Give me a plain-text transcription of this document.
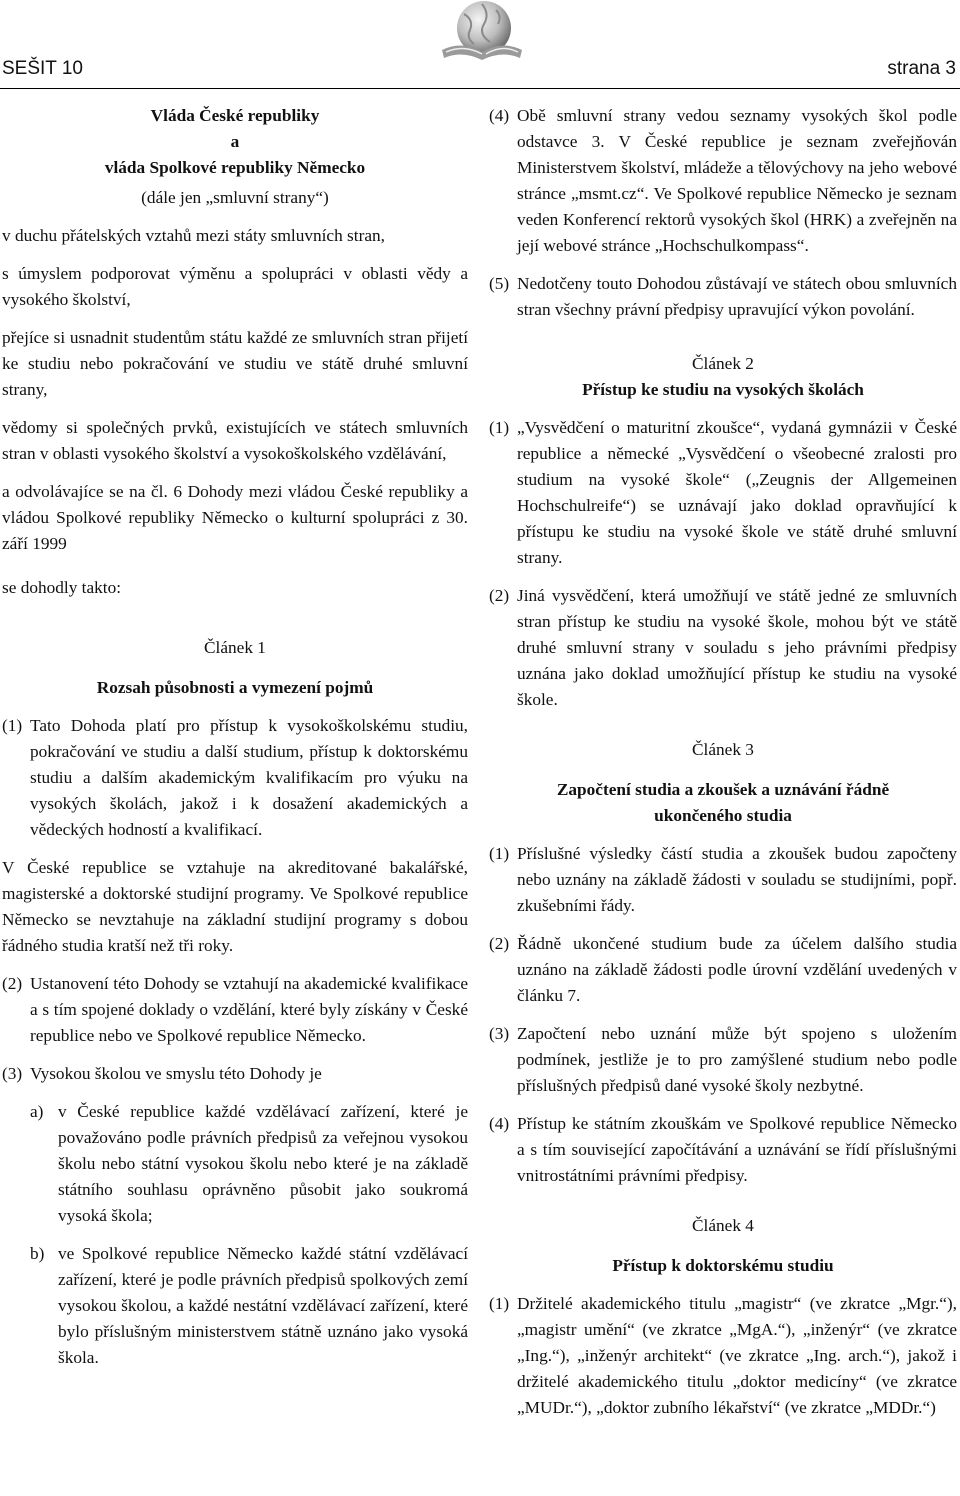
SEŠIT 10	strana 3

Vláda České republiky

a

vláda Spolkové republiky Německo

(dále jen „smluvní strany“)

v duchu přátelských vztahů mezi státy smluvních stran,

s úmyslem podporovat výměnu a spolupráci v oblasti vědy a vysokého školství,

přejíce si usnadnit studentům státu každé ze smluvních stran přijetí ke studiu nebo pokračování ve studiu ve státě druhé smluvní strany,

vědomy si společných prvků, existujících ve státech smluvních stran v oblasti vysokého školství a vysokoškolského vzdělávání,

a odvolávajíce se na čl. 6 Dohody mezi vládou České republiky a vládou Spolkové republiky Německo o kulturní spolupráci z 30. září 1999

se dohodly takto:

Článek 1
Rozsah působnosti a vymezení pojmů
(1) Tato Dohoda platí pro přístup k vysokoškolskému studiu, pokračování ve studiu a další studium, přístup k doktorskému studiu a dalším akademickým kvalifikacím pro výuku na vysokých školách, jakož i k dosažení akademických a vědeckých hodností a kvalifikací.

V České republice se vztahuje na akreditované bakalářské, magisterské a doktorské studijní programy. Ve Spolkové republice Německo se nevztahuje na základní studijní programy s dobou řádného studia kratší než tři roky.

(2) Ustanovení této Dohody se vztahují na akademické kvalifikace a s tím spojené doklady o vzdělání, které byly získány v České republice nebo ve Spolkové republice Německo.
(3) Vysokou školou ve smyslu této Dohody je
a) v České republice každé vzdělávací zařízení, které je považováno podle právních předpisů za veřejnou vysokou školu nebo státní vysokou školu nebo které je na základě státního souhlasu oprávněno působit jako soukromá vysoká škola;
b) ve Spolkové republice Německo každé státní vzdělávací zařízení, které je podle právních předpisů spolkových zemí vysokou školou, a každé nestátní vzdělávací zařízení, které bylo příslušným ministerstvem státně uznáno jako vysoká škola.
(4) Obě smluvní strany vedou seznamy vysokých škol podle odstavce 3. V České republice je seznam zveřejňován Ministerstvem školství, mládeže a tělovýchovy na jeho webové stránce „msmt.cz“. Ve Spolkové republice Německo je seznam veden Konferencí rektorů vysokých škol (HRK) a zveřejněn na její webové stránce „Hochschulkompass“.
(5) Nedotčeny touto Dohodou zůstávají ve státech obou smluvních stran všechny právní předpisy upravující výkon povolání.
Článek 2
Přístup ke studiu na vysokých školách
(1) „Vysvědčení o maturitní zkoušce“, vydaná gymnázii v České republice a německé „Vysvědčení o všeobecné zralosti pro studium na vysoké škole“ („Zeugnis der Allgemeinen Hochschulreife“) se uznávají jako doklad opravňující k přístupu ke studiu na vysoké škole ve státě druhé smluvní strany.
(2) Jiná vysvědčení, která umožňují ve státě jedné ze smluvních stran přístup ke studiu na vysoké škole, mohou být ve státě druhé smluvní strany v souladu s jeho právními předpisy uznána jako doklad umožňující přístup ke studiu na vysoké škole.
Článek 3
Započtení studia a zkoušek a uznávání řádně ukončeného studia
(1) Příslušné výsledky částí studia a zkoušek budou započteny nebo uznány na základě žádosti v souladu se studijními, popř. zkušebními řády.
(2) Řádně ukončené studium bude za účelem dalšího studia uznáno na základě žádosti podle úrovní vzdělání uvedených v článku 7.
(3) Započtení nebo uznání může být spojeno s uložením podmínek, jestliže je to pro zamýšlené studium nebo podle příslušných předpisů dané vysoké školy nezbytné.
(4) Přístup ke státním zkouškám ve Spolkové republice Německo a s tím související započítávání a uznávání se řídí příslušnými vnitrostátními právními předpisy.
Článek 4
Přístup k doktorskému studiu
(1) Držitelé akademického titulu „magistr“ (ve zkratce „Mgr.“), „magistr umění“ (ve zkratce „MgA.“), „inženýr“ (ve zkratce „Ing.“), „inženýr architekt“ (ve zkratce „Ing. arch.“), jakož i držitelé akademického titulu „doktor medicíny“ (ve zkratce „MUDr.“), „doktor zubního lékařství“ (ve zkratce „MDDr.“)
